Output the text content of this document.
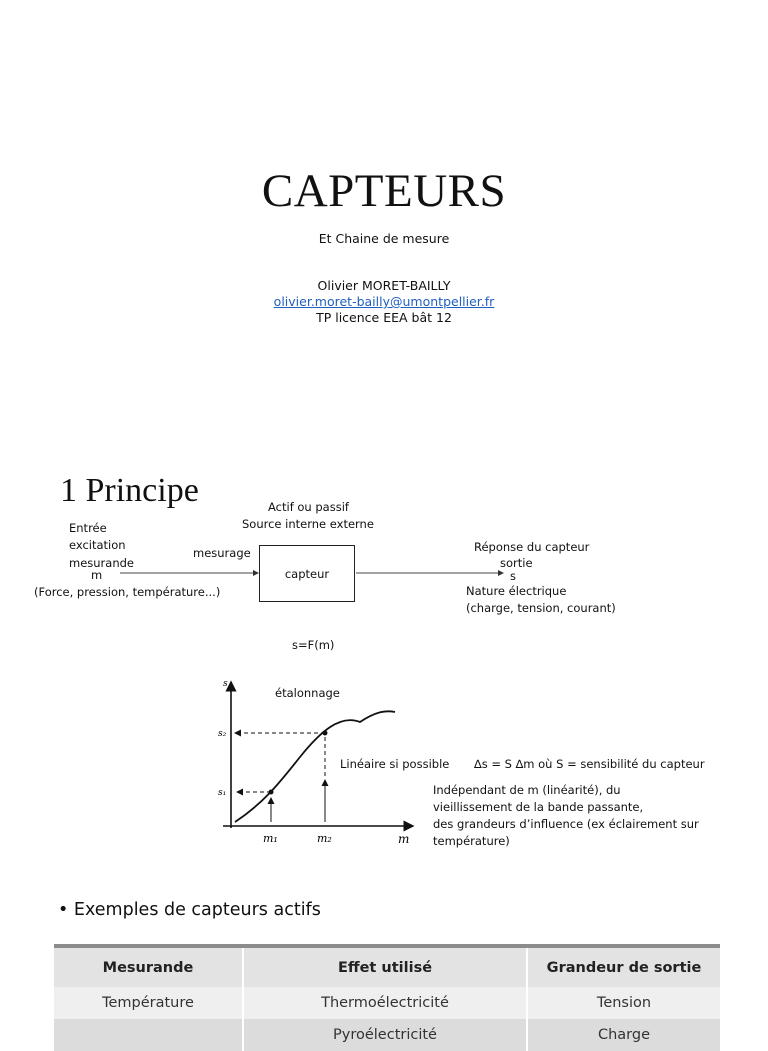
CAPTEURS
Et Chaine de mesure
Olivier MORET-BAILLY
olivier.moret-bailly@umontpellier.fr
TP licence EEA bât 12
1 Principe	Actif ou passif
Source interne externe
Entrée
excitation
mesurande
m
(Force, pression, température...)
mesurage
capteur
Réponse du capteur
sortie
s
Nature électrique
(charge, tension, courant)
s=F(m)
s
s₂
s₁
m₁	m₂	m
étalonnage
Linéaire si possible ∆s = S ∆m où S = sensibilité du capteur
Indépendant de m (linéarité), du
vieillissement de la bande passante,
des grandeurs d’influence (ex éclairement sur
température)
• Exemples de capteurs actifs
Mesurande	Effet utilisé	Grandeur de sortie
Température	Thermoélectricité	Tension
	Pyroélectricité	Charge
